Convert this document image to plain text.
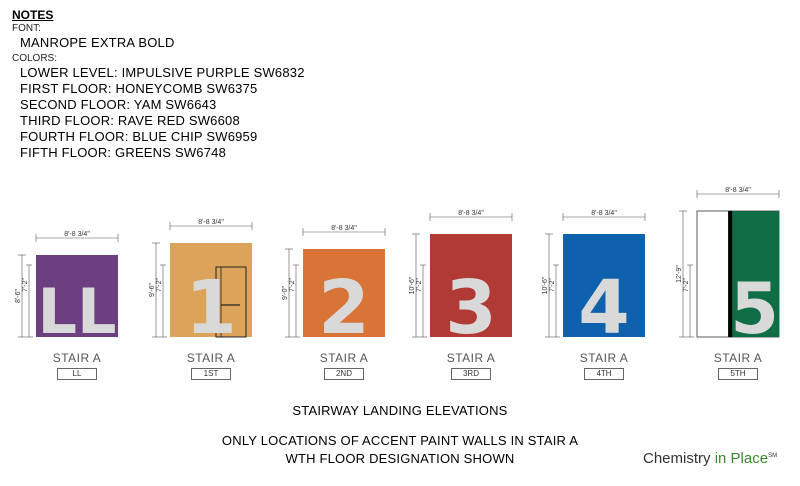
NOTES
FONT:
MANROPE EXTRA BOLD
COLORS:
LOWER LEVEL: IMPULSIVE PURPLE SW6832
FIRST FLOOR: HONEYCOMB SW6375
SECOND FLOOR: YAM SW6643
THIRD FLOOR: RAVE RED SW6608
FOURTH FLOOR: BLUE CHIP SW6959
FIFTH FLOOR: GREENS SW6748
8'-8 3/4"
LL
8'-6"
7'-2"
8'-8 3/4"
1
9'-6" 7'-2"
8'-8 3/4"
2
9'-0"
7'-2"
8'-8 3/4"
3
10'-6" 7'-2"
8'-8 3/4"
4
10'-6" 7'-2"
8'-8 3/4"
5
12'-9"
7'-2"
STAIR A
LL
STAIR A
1ST
STAIR A
2ND
STAIR A
3RD
STAIR A
4TH
STAIR A
5TH
STAIRWAY LANDING ELEVATIONS
ONLY LOCATIONS OF ACCENT PAINT WALLS IN STAIR A
WTH FLOOR DESIGNATION SHOWN	Chemistry in Place℠
